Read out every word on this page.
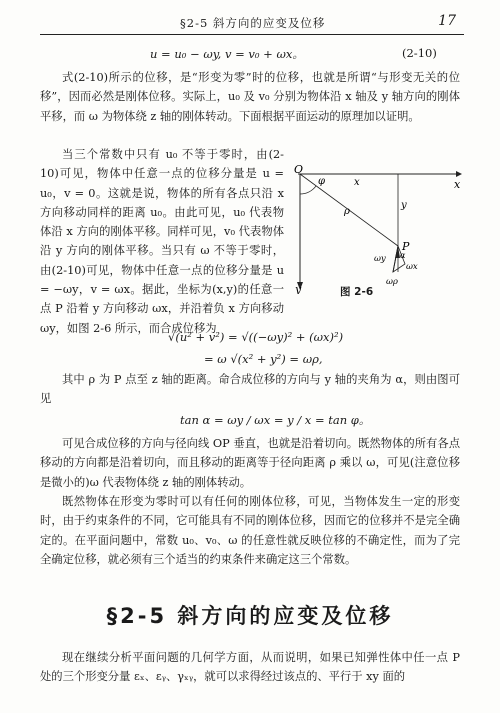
§2-5 斜方向的应变及位移	17
u = u₀ − ωy, v = v₀ + ωx。	(2-10)
式(2-10)所示的位移，是“形变为零”时的位移，也就是所谓“与形变无关的位移”，因而必然是刚体位移。实际上，u₀ 及 v₀ 分别为物体沿 x 轴及 y 轴方向的刚体平移，而 ω 为物体绕 z 轴的刚体转动。下面根据平面运动的原理加以证明。
当三个常数中只有 u₀ 不等于零时，由(2-10)可见，物体中任意一点的位移分量是 u = u₀，v = 0。这就是说，物体的所有各点只沿 x 方向移动同样的距离 u₀。由此可见，u₀ 代表物体沿 x 方向的刚体平移。同样可见，v₀ 代表物体沿 y 方向的刚体平移。当只有 ω 不等于零时，由(2-10)可见，物体中任意一点的位移分量是 u = −ωy，v = ωx。据此，坐标为(x,y)的任意一点 P 沿着 y 方向移动 ωx，并沿着负 x 方向移动 ωy，如图 2-6 所示，而合成位移为
O
x
y
φ	x
y
ρ
P
α
ωy
ωx
ωρ
图 2-6
√(u² + v²) = √((−ωy)² + (ωx)²)
= ω √(x² + y²) = ωρ,
其中 ρ 为 P 点至 z 轴的距离。命合成位移的方向与 y 轴的夹角为 α，则由图可见
tan α = ωy / ωx = y / x = tan φ。
可见合成位移的方向与径向线 OP 垂直，也就是沿着切向。既然物体的所有各点移动的方向都是沿着切向，而且移动的距离等于径向距离 ρ 乘以 ω，可见(注意位移是微小的)ω 代表物体绕 z 轴的刚体转动。
既然物体在形变为零时可以有任何的刚体位移，可见，当物体发生一定的形变时，由于约束条件的不同，它可能具有不同的刚体位移，因而它的位移并不是完全确定的。在平面问题中，常数 u₀、v₀、ω 的任意性就反映位移的不确定性，而为了完全确定位移，就必须有三个适当的约束条件来确定这三个常数。
§2-5 斜方向的应变及位移
现在继续分析平面问题的几何学方面，从而说明，如果已知弹性体中任一点 P 处的三个形变分量 εₓ、εᵧ、γₓᵧ，就可以求得经过该点的、平行于 xy 面的
